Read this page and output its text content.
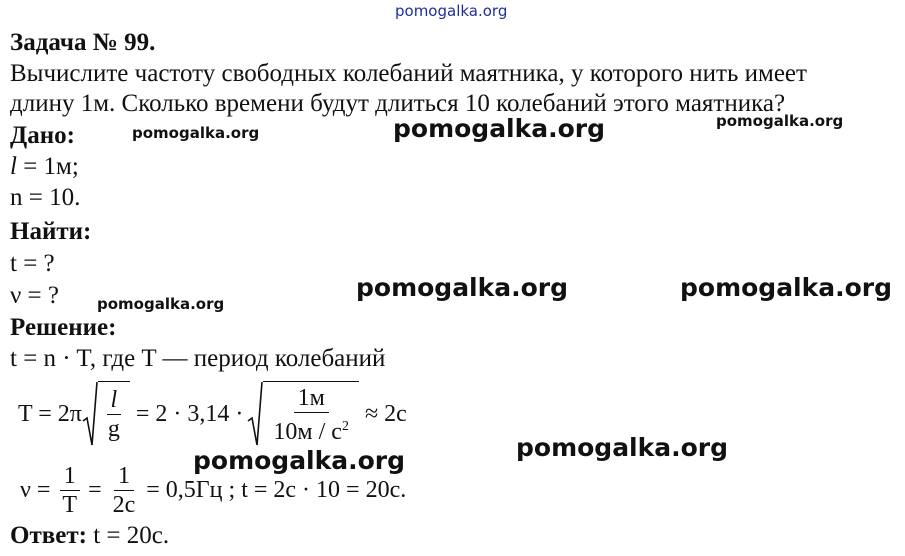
pomogalka.org
pomogalka.org	pomogalka.org	pomogalka.org
pomogalka.org	pomogalka.org
pomogalka.org
pomogalka.org
pomogalka.org
Задача № 99.
Вычислите частоту свободных колебаний маятника, у которого нить имеет
длину 1м. Сколько времени будут длиться 10 колебаний этого маятника?
Дано:
l = 1м;
n = 10.
Найти:
t = ?
ν = ?
Решение:
t = n · T, где T — период колебаний
$T = 2\pi \frac{l}{g} = 2 \cdot 3,14 \cdot \frac{1м}{10м / с^2} \approx 2с$
$\nu = \frac{1}{T} = \frac{1}{2с} = 0,5Гц$ ; t = 2с · 10 = 20с.
Ответ: t = 20с.
